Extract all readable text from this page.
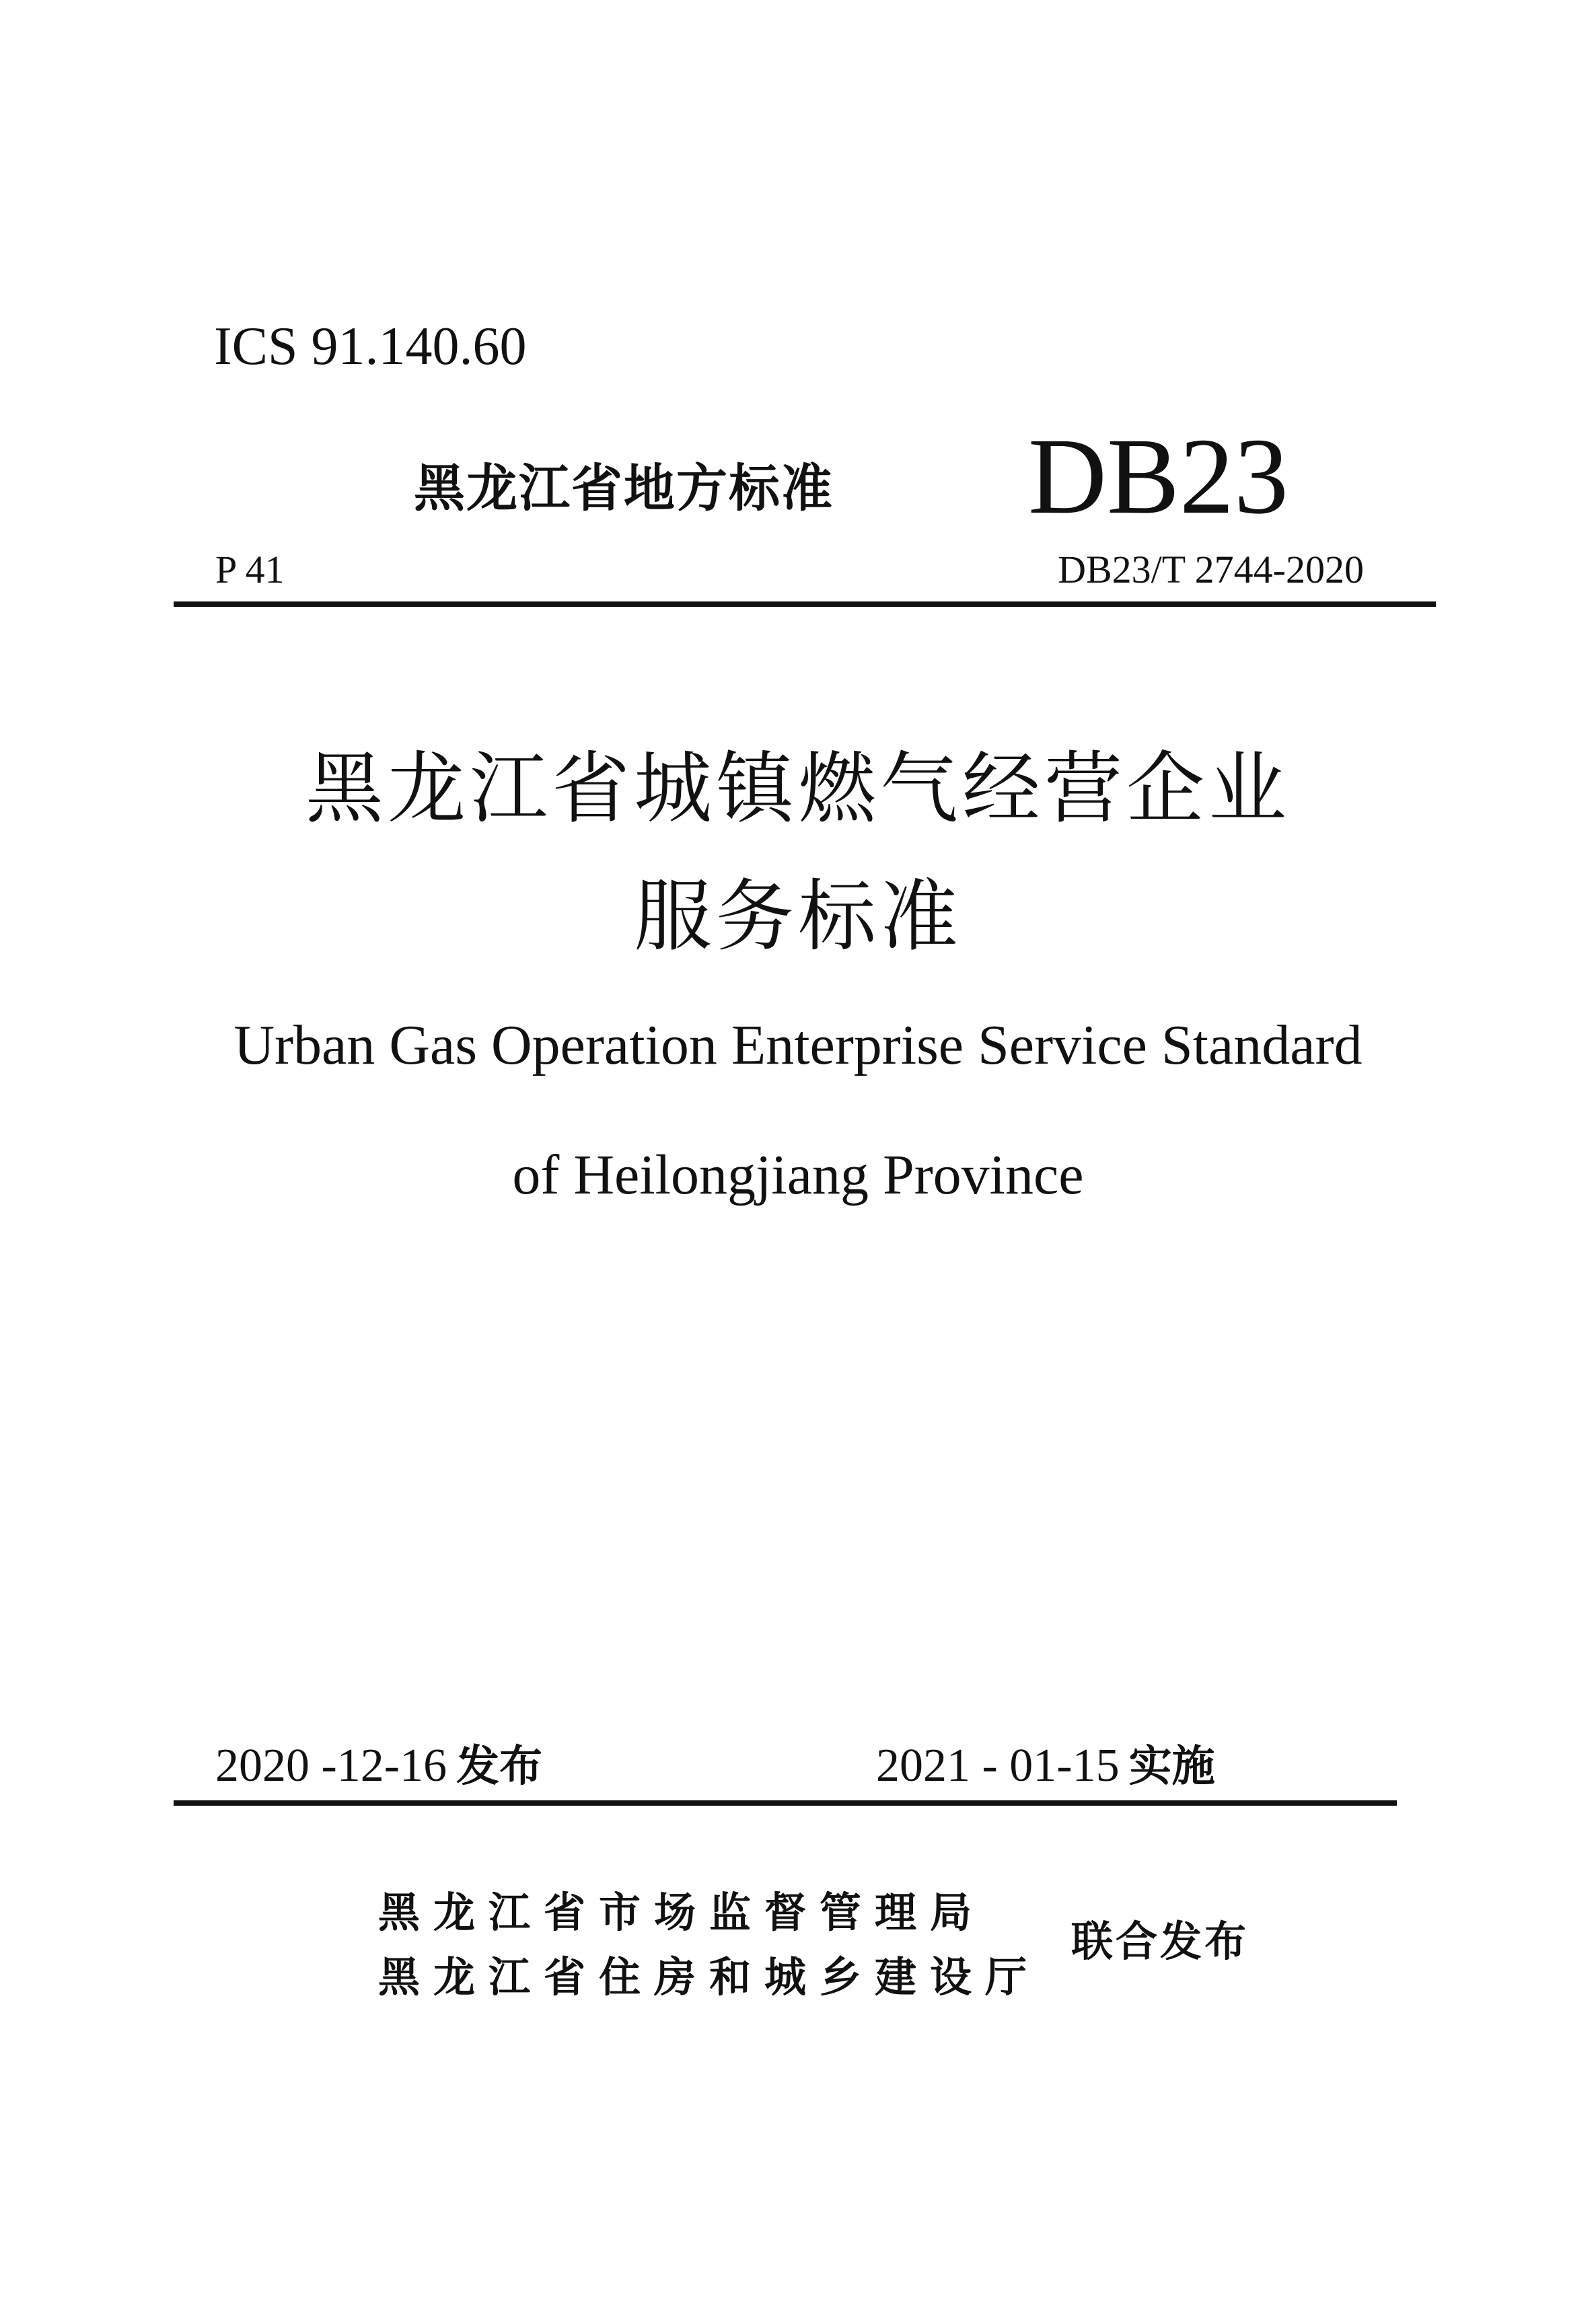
ICS 91.140.60
黑龙江省地方标准 DB23
P 41	DB23/T 2744-2020
黑龙江省城镇燃气经营企业
服务标准
Urban Gas Operation Enterprise Service Standard
of Heilongjiang Province
2020 -12-16 发布	2021 - 01-15 实施
黑龙江省市场监督管理局
黑龙江省住房和城乡建设厅
联合发布
